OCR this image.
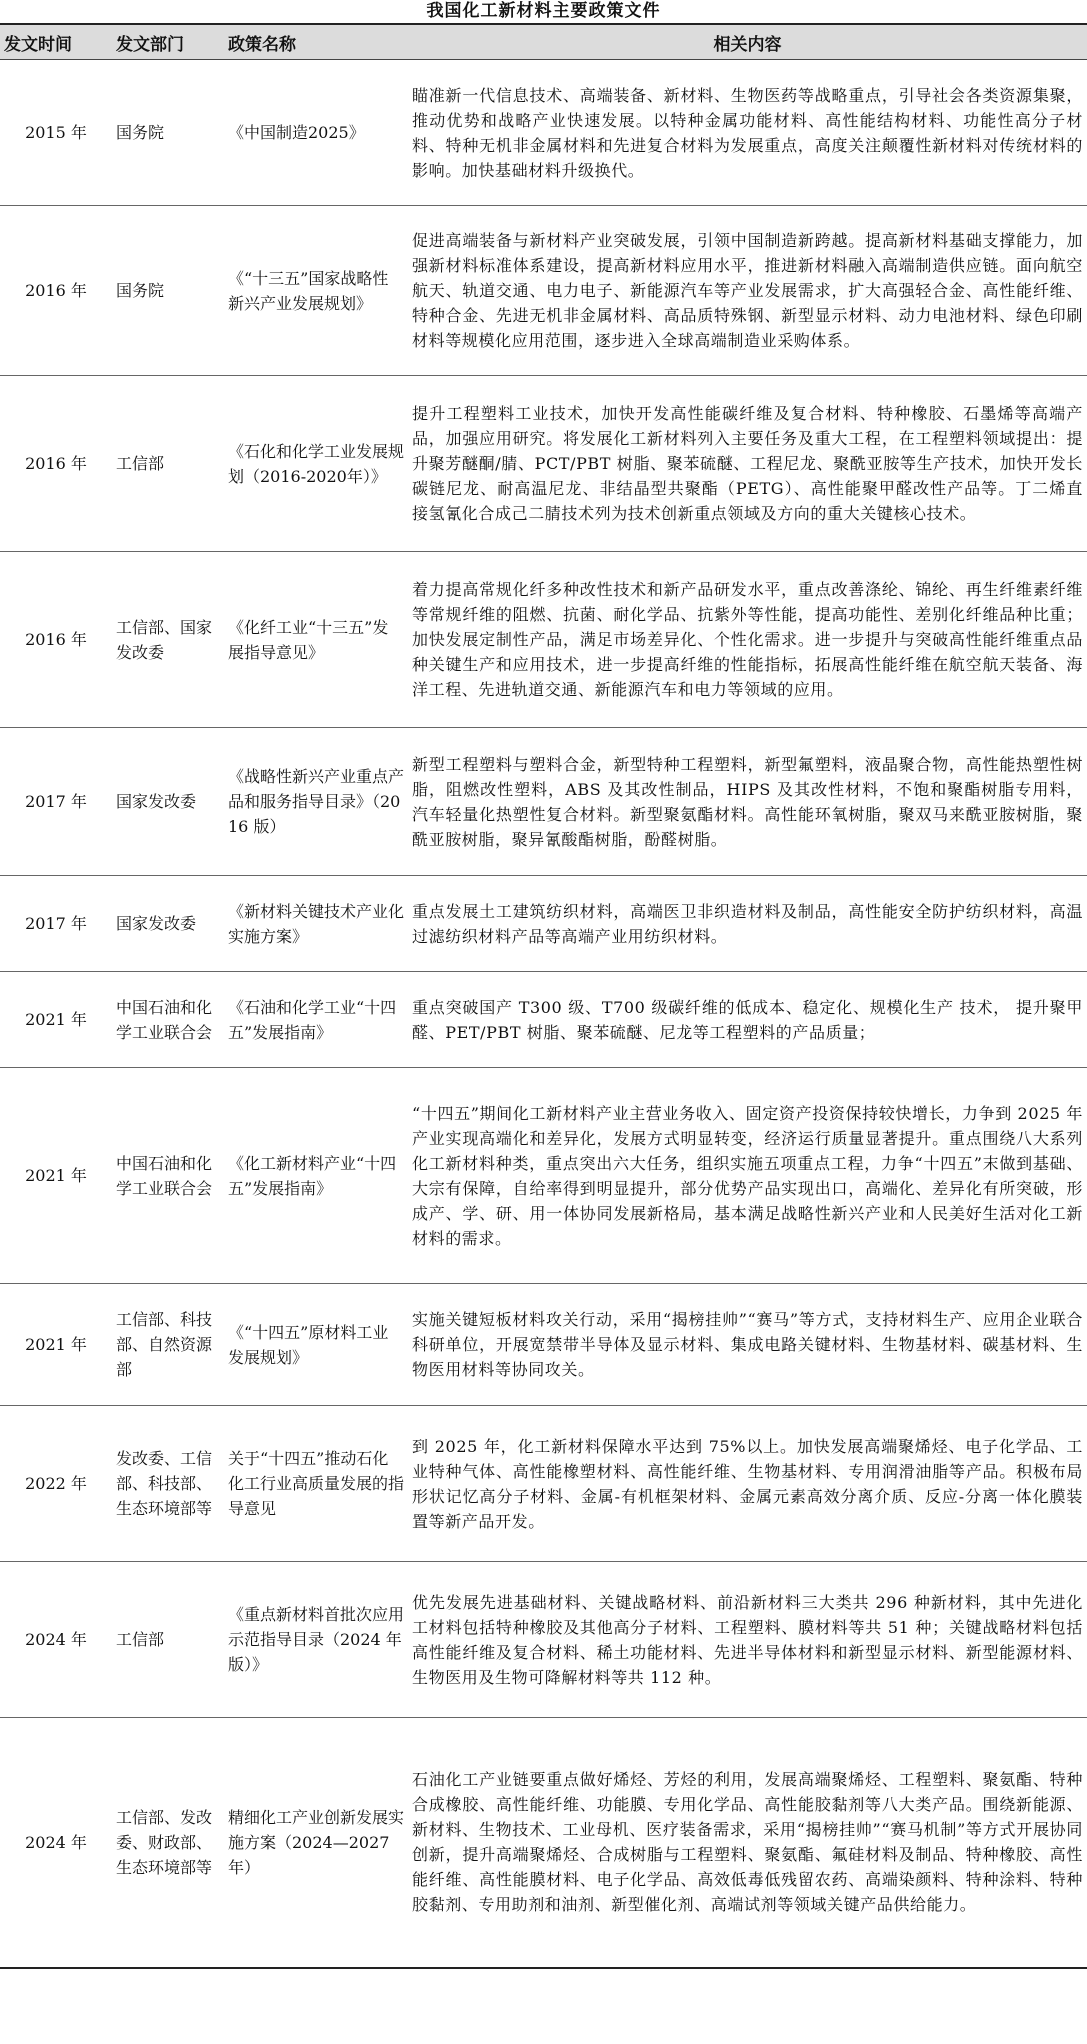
我国化工新材料主要政策文件
发文时间	发文部门	政策名称	相关内容
2015 年	国务院	《中国制造2025》	瞄准新一代信息技术、高端装备、新材料、生物医药等战略重点，引导社会各类资源集聚，推动优势和战略产业快速发展。以特种金属功能材料、高性能结构材料、功能性高分子材料、特种无机非金属材料和先进复合材料为发展重点，高度关注颠覆性新材料对传统材料的影响。加快基础材料升级换代。
2016 年	国务院	《“十三五”国家战略性新兴产业发展规划》	促进高端装备与新材料产业突破发展，引领中国制造新跨越。提高新材料基础支撑能力，加强新材料标准体系建设，提高新材料应用水平，推进新材料融入高端制造供应链。面向航空航天、轨道交通、电力电子、新能源汽车等产业发展需求，扩大高强轻合金、高性能纤维、特种合金、先进无机非金属材料、高品质特殊钢、新型显示材料、动力电池材料、绿色印刷材料等规模化应用范围，逐步进入全球高端制造业采购体系。
2016 年	工信部	《石化和化学工业发展规划（2016-2020年）》	提升工程塑料工业技术，加快开发高性能碳纤维及复合材料、特种橡胶、石墨烯等高端产品，加强应用研究。将发展化工新材料列入主要任务及重大工程，在工程塑料领域提出：提升聚芳醚酮/腈、PCT/PBT 树脂、聚苯硫醚、工程尼龙、聚酰亚胺等生产技术，加快开发长碳链尼龙、耐高温尼龙、非结晶型共聚酯（PETG）、高性能聚甲醛改性产品等。丁二烯直接氢氰化合成己二腈技术列为技术创新重点领域及方向的重大关键核心技术。
2016 年	工信部、国家发改委	《化纤工业“十三五”发展指导意见》	着力提高常规化纤多种改性技术和新产品研发水平，重点改善涤纶、锦纶、再生纤维素纤维等常规纤维的阻燃、抗菌、耐化学品、抗紫外等性能，提高功能性、差别化纤维品种比重；加快发展定制性产品，满足市场差异化、个性化需求。进一步提升与突破高性能纤维重点品种关键生产和应用技术，进一步提高纤维的性能指标，拓展高性能纤维在航空航天装备、海洋工程、先进轨道交通、新能源汽车和电力等领域的应用。
2017 年	国家发改委	《战略性新兴产业重点产品和服务指导目录》（2016 版）	新型工程塑料与塑料合金，新型特种工程塑料，新型氟塑料，液晶聚合物，高性能热塑性树脂，阻燃改性塑料，ABS 及其改性制品，HIPS 及其改性材料，不饱和聚酯树脂专用料，汽车轻量化热塑性复合材料。新型聚氨酯材料。高性能环氧树脂，聚双马来酰亚胺树脂，聚酰亚胺树脂，聚异氰酸酯树脂，酚醛树脂。
2017 年	国家发改委	《新材料关键技术产业化实施方案》	重点发展土工建筑纺织材料，高端医卫非织造材料及制品，高性能安全防护纺织材料，高温过滤纺织材料产品等高端产业用纺织材料。
2021 年	中国石油和化学工业联合会	《石油和化学工业“十四五”发展指南》	重点突破国产 T300 级、T700 级碳纤维的低成本、稳定化、规模化生产 技术， 提升聚甲醛、PET/PBT 树脂、聚苯硫醚、尼龙等工程塑料的产品质量；
2021 年	中国石油和化学工业联合会	《化工新材料产业“十四五”发展指南》	“十四五”期间化工新材料产业主营业务收入、固定资产投资保持较快增长，力争到 2025 年产业实现高端化和差异化，发展方式明显转变，经济运行质量显著提升。重点围绕八大系列化工新材料种类，重点突出六大任务，组织实施五项重点工程，力争“十四五”末做到基础、大宗有保障，自给率得到明显提升，部分优势产品实现出口，高端化、差异化有所突破，形成产、学、研、用一体协同发展新格局，基本满足战略性新兴产业和人民美好生活对化工新材料的需求。
2021 年	工信部、科技部、自然资源部	《“十四五”原材料工业发展规划》	实施关键短板材料攻关行动，采用“揭榜挂帅”“赛马”等方式，支持材料生产、应用企业联合科研单位，开展宽禁带半导体及显示材料、集成电路关键材料、生物基材料、碳基材料、生物医用材料等协同攻关。
2022 年	发改委、工信部、科技部、生态环境部等	关于“十四五”推动石化化工行业高质量发展的指导意见	到 2025 年，化工新材料保障水平达到 75%以上。加快发展高端聚烯烃、电子化学品、工业特种气体、高性能橡塑材料、高性能纤维、生物基材料、专用润滑油脂等产品。积极布局形状记忆高分子材料、金属-有机框架材料、金属元素高效分离介质、反应-分离一体化膜装置等新产品开发。
2024 年	工信部	《重点新材料首批次应用示范指导目录（2024 年版）》	优先发展先进基础材料、关键战略材料、前沿新材料三大类共 296 种新材料，其中先进化工材料包括特种橡胶及其他高分子材料、工程塑料、膜材料等共 51 种；关键战略材料包括高性能纤维及复合材料、稀土功能材料、先进半导体材料和新型显示材料、新型能源材料、生物医用及生物可降解材料等共 112 种。
2024 年	工信部、发改委、财政部、生态环境部等	精细化工产业创新发展实施方案（2024—2027 年）	石油化工产业链要重点做好烯烃、芳烃的利用，发展高端聚烯烃、工程塑料、聚氨酯、特种合成橡胶、高性能纤维、功能膜、专用化学品、高性能胶黏剂等八大类产品。围绕新能源、新材料、生物技术、工业母机、医疗装备需求，采用“揭榜挂帅”“赛马机制”等方式开展协同创新，提升高端聚烯烃、合成树脂与工程塑料、聚氨酯、氟硅材料及制品、特种橡胶、高性能纤维、高性能膜材料、电子化学品、高效低毒低残留农药、高端染颜料、特种涂料、特种胶黏剂、专用助剂和油剂、新型催化剂、高端试剂等领域关键产品供给能力。
